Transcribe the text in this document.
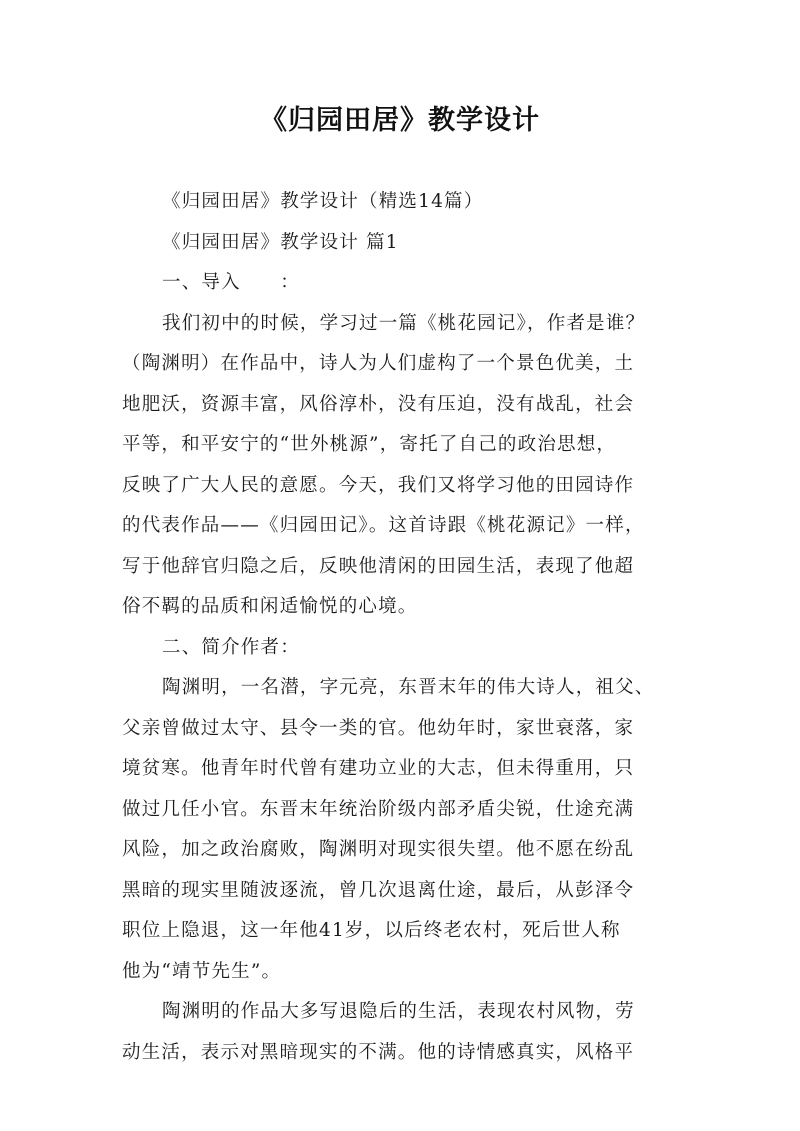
《归园田居》教学设计
《归园田居》教学设计（精选14篇）
《归园田居》教学设计 篇1
一、导入　　：
我们初中的时候，学习过一篇《桃花园记》，作者是谁？
（陶渊明）在作品中，诗人为人们虚构了一个景色优美，土
地肥沃，资源丰富，风俗淳朴，没有压迫，没有战乱，社会
平等，和平安宁的“世外桃源”，寄托了自己的政治思想，
反映了广大人民的意愿。今天，我们又将学习他的田园诗作
的代表作品——《归园田记》。这首诗跟《桃花源记》一样，
写于他辞官归隐之后，反映他清闲的田园生活，表现了他超
俗不羁的品质和闲适愉悦的心境。
二、简介作者：
陶渊明，一名潜，字元亮，东晋末年的伟大诗人，祖父、
父亲曾做过太守、县令一类的官。他幼年时，家世衰落，家
境贫寒。他青年时代曾有建功立业的大志，但未得重用，只
做过几任小官。东晋末年统治阶级内部矛盾尖锐，仕途充满
风险，加之政治腐败，陶渊明对现实很失望。他不愿在纷乱
黑暗的现实里随波逐流，曾几次退离仕途，最后，从彭泽令
职位上隐退，这一年他41岁，以后终老农村，死后世人称
他为“靖节先生”。
陶渊明的作品大多写退隐后的生活，表现农村风物，劳
动生活，表示对黑暗现实的不满。他的诗情感真实，风格平
